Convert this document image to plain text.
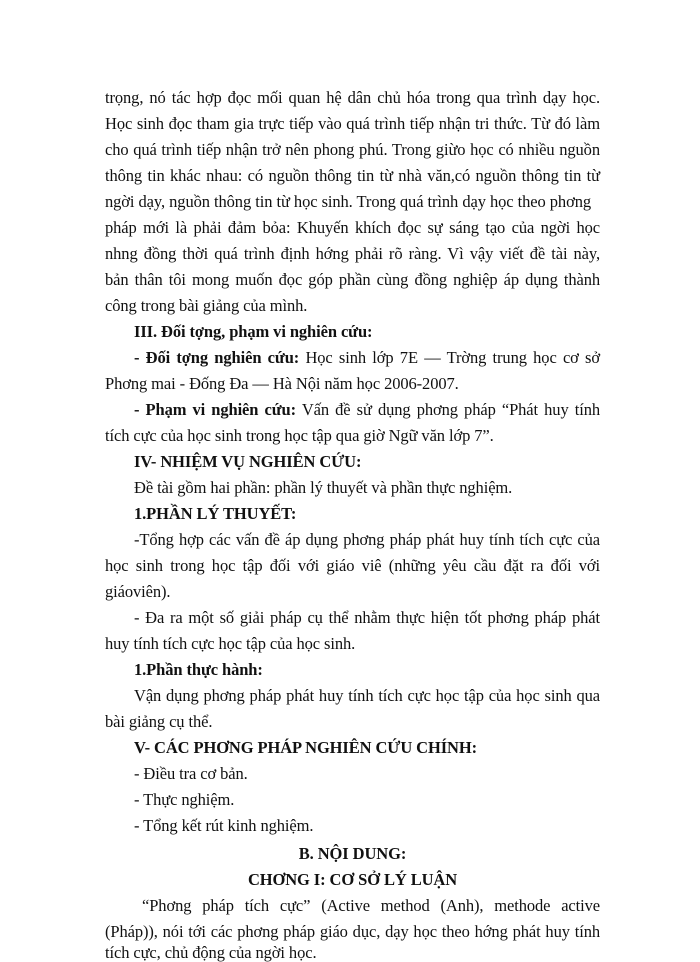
trọng, nó tác hợp đọc mối quan hệ dân chủ hóa trong qua trình dạy học.
Học sinh đọc tham gia trực tiếp vào quá trình tiếp nhận tri thức. Từ đó làm
cho quá trình tiếp nhận trở nên phong phú. Trong giừo học có nhiều nguồn
thông tin khác nhau: có nguồn thông tin từ nhà văn,có nguồn thông tin từ
ngời dạy, nguồn thông tin từ học sinh. Trong quá trình dạy học theo phơng
pháp mới là phải đảm bỏa: Khuyến khích đọc sự sáng tạo của ngời học
nhng đồng thời quá trình định hớng phải rõ ràng. Vì vậy viết đề tài này,
bản thân tôi mong muốn đọc góp phần cùng đồng nghiệp áp dụng thành
công trong bài giảng của mình.
III. Đối tợng, phạm vi nghiên cứu:
- Đối tợng nghiên cứu: Học sinh lớp 7E — Trờng trung học cơ sở
Phơng mai - Đống Đa — Hà Nội năm học 2006-2007.
- Phạm vi nghiên cứu: Vấn đề sử dụng phơng pháp “Phát huy tính
tích cực của học sinh trong học tập qua giờ Ngữ văn lớp 7”.
IV- NHIỆM VỤ NGHIÊN CỨU:
Đề tài gồm hai phần: phần lý thuyết và phần thực nghiệm.
1.PHẦN LÝ THUYẾT:
-Tổng hợp các vấn đề áp dụng phơng pháp phát huy tính tích cực của
học sinh trong học tập đối với giáo viê (những yêu cầu đặt ra đối với
giáoviên).
- Đa ra một số giải pháp cụ thể nhằm thực hiện tốt phơng pháp phát
huy tính tích cực học tập của học sinh.
1.Phần thực hành:
Vận dụng phơng pháp phát huy tính tích cực học tập của học sinh qua
bài giảng cụ thể.
V- CÁC PHƠNG PHÁP NGHIÊN CỨU CHÍNH:
- Điều tra cơ bản.
- Thực nghiệm.
- Tổng kết rút kinh nghiệm.
B. NỘI DUNG:
CHƠNG I: CƠ SỞ LÝ LUẬN
“Phơng pháp tích cực” (Active method (Anh), methode active
(Pháp)), nói tới các phơng pháp giáo dục, dạy học theo hớng phát huy tính
tích cực, chủ động của ngời học.
